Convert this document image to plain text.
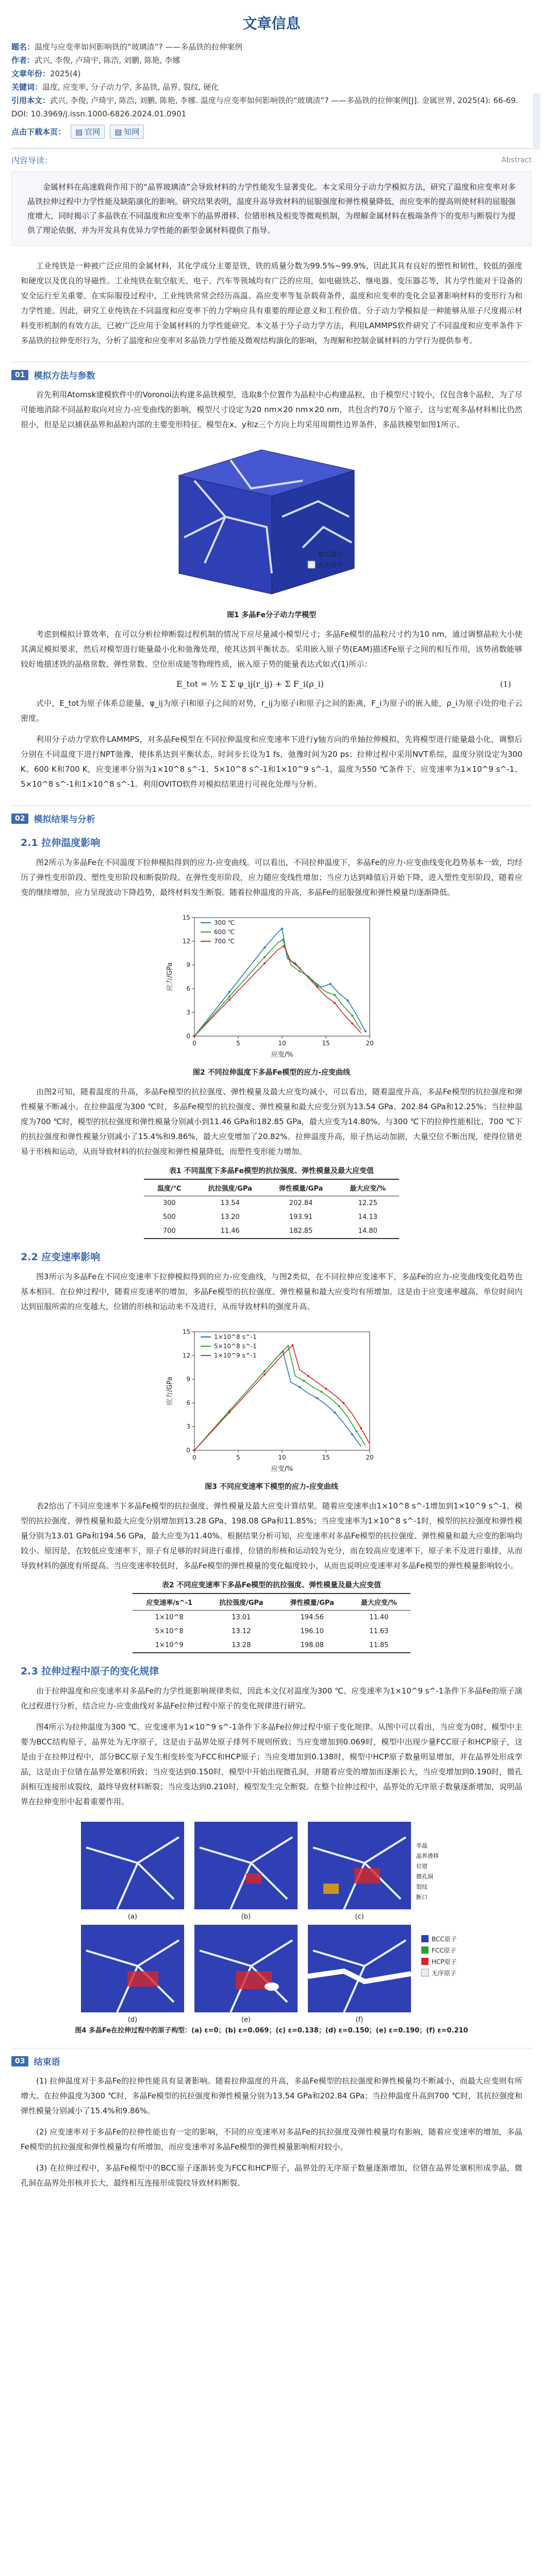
文章信息
题名：温度与应变率如何影响铁的“玻璃渣”? ——多晶铁的拉伸案例
作者：武兴, 李俊, 卢琦宇, 陈浩, 刘鹏, 陈艳, 李娜
文章年份：2025(4)
关键词：温度, 应变率, 分子动力学, 多晶铁, 晶界, 裂纹, 硬化
引用本文：武兴, 李俊, 卢琦宇, 陈浩, 刘鹏, 陈艳, 李娜. 温度与应变率如何影响铁的“玻璃渣”? ——多晶铁的拉伸案例[J]. 金属世界, 2025(4): 66-69. DOI: 10.3969/j.issn.1000-6826.2024.01.0901
点击下载本页： ▤ 官网 ▤ 知网
内容导读：	Abstract
金属材料在高速载荷作用下的“晶界玻璃渣”会导致材料的力学性能发生显著变化。本文采用分子动力学模拟方法，研究了温度和应变率对多晶铁拉伸过程中力学性能及缺陷演化的影响。研究结果表明，温度升高导致材料的屈服强度和弹性模量降低，而应变率的提高则使材料的屈服强度增大，同时揭示了多晶铁在不同温度和应变率下的晶界滑移、位错形核及相变等微观机制，为理解金属材料在极端条件下的变形与断裂行为提供了理论依据，并为开发具有优异力学性能的新型金属材料提供了指导。
工业纯铁是一种被广泛应用的金属材料，其化学成分主要是铁，铁的质量分数为99.5%~99.9%，因此其具有良好的塑性和韧性，较低的强度和硬度以及优良的导磁性。工业纯铁在航空航天、电子、汽车等领域均有广泛的应用，如电磁铁芯、继电器、变压器芯等，其力学性能对于设备的安全运行至关重要。在实际服役过程中，工业纯铁常常会经历高温、高应变率等复杂载荷条件，温度和应变率的变化会显著影响材料的变形行为和力学性能。因此，研究工业纯铁在不同温度和应变率下的力学响应具有重要的理论意义和工程价值。分子动力学模拟是一种能够从原子尺度揭示材料变形机制的有效方法，已被广泛应用于金属材料的力学性能研究。本文基于分子动力学方法，利用LAMMPS软件研究了不同温度和应变率条件下多晶铁的拉伸变形行为，分析了温度和应变率对多晶铁力学性能及微观结构演化的影响，为理解和控制金属材料的力学行为提供参考。
01	模拟方法与参数
首先利用Atomsk建模软件中的Voronoi法构建多晶铁模型，选取8个位置作为晶粒中心构建晶粒，由于模型尺寸较小，仅包含8个晶粒，为了尽可能地消除不同晶粒取向对应力-应变曲线的影响，模型尺寸设定为20 nm×20 nm×20 nm，共包含约70万个原子，这与宏观多晶材料相比仍然很小，但是足以捕获晶界和晶粒内部的主要变形特征。模型在x、y和z三个方向上均采用周期性边界条件，多晶铁模型如图1所示。
BCC原子
无序原子
图1 多晶Fe分子动力学模型
考虑到模拟计算效率，在可以分析拉伸断裂过程机制的情况下应尽量减小模型尺寸；多晶Fe模型的晶粒尺寸约为10 nm，通过调整晶粒大小使其满足模拟要求，然后对模型进行能量最小化和弛豫处理，使其达到平衡状态。采用嵌入原子势(EAM)描述Fe原子之间的相互作用，该势函数能够较好地描述铁的晶格常数、弹性常数、空位形成能等物理性质，嵌入原子势的能量表达式如式(1)所示：
E_tot = ½ Σ Σ φ_ij(r_ij) + Σ F_i(ρ_i)	(1)
式中，E_tot为原子体系总能量，φ_ij为原子i和原子j之间的对势，r_ij为原子i和原子j之间的距离，F_i为原子i的嵌入能，ρ_i为原子i处的电子云密度。
利用分子动力学软件LAMMPS，对多晶Fe模型在不同拉伸温度和应变速率下进行y轴方向的单轴拉伸模拟，先将模型进行能量最小化，调整后分别在不同温度下进行NPT弛豫，使体系达到平衡状态，时间步长设为1 fs，弛豫时间为20 ps；拉伸过程中采用NVT系综，温度分别设定为300 K、600 K和700 K，应变速率分别为1×10^8 s^-1、5×10^8 s^-1和1×10^9 s^-1，温度为550 ℃条件下，应变速率为1×10^9 s^-1、5×10^8 s^-1和1×10^8 s^-1。利用OVITO软件对模拟结果进行可视化处理与分析。
02	模拟结果与分析
2.1 拉伸温度影响
图2所示为多晶Fe在不同温度下拉伸模拟得到的应力-应变曲线。可以看出，不同拉伸温度下，多晶Fe的应力-应变曲线变化趋势基本一致，均经历了弹性变形阶段、塑性变形阶段和断裂阶段。在弹性变形阶段，应力随应变线性增加；当应力达到峰值后开始下降，进入塑性变形阶段，随着应变的继续增加，应力呈现波动下降趋势，最终材料发生断裂。随着拉伸温度的升高，多晶Fe的屈服强度和弹性模量均逐渐降低。
0	5	10	15	20
0
3
6
9
12
15
应变/%
应力/GPa
300 ℃
600 ℃
700 ℃
图2 不同拉伸温度下多晶Fe模型的应力-应变曲线
由图2可知，随着温度的升高，多晶Fe模型的抗拉强度、弹性模量及最大应变均减小，可以看出，随着温度升高，多晶Fe模型的抗拉强度和弹性模量不断减小。在拉伸温度为300 ℃时，多晶Fe模型的抗拉强度、弹性模量和最大应变分别为13.54 GPa、202.84 GPa和12.25%；当拉伸温度为700 ℃时，模型的抗拉强度和弹性模量分别减小到11.46 GPa和182.85 GPa，最大应变为14.80%。与300 ℃下的拉伸性能相比，700 ℃下的抗拉强度和弹性模量分别减小了15.4%和9.86%，最大应变增加了20.82%。拉伸温度升高，原子热运动加剧，大量空位不断出现，使得位错更易于形核和运动，从而导致材料的抗拉强度和弹性模量降低，而塑性变形能力增加。
表1 不同温度下多晶Fe模型的抗拉强度、弹性模量及最大应变值
温度/℃	抗拉强度/GPa	弹性模量/GPa	最大应变/%
300	13.54	202.84	12.25
500	13.20	193.91	14.13
700	11.46	182.85	14.80
2.2 应变速率影响
图3所示为多晶Fe在不同应变速率下拉伸模拟得到的应力-应变曲线，与图2类似，在不同拉伸应变速率下，多晶Fe的应力-应变曲线变化趋势也基本相同。在拉伸过程中，随着应变速率的增加，多晶Fe模型的抗拉强度、弹性模量和最大应变均有所增加。这是由于应变速率越高，单位时间内达到屈服所需的应变越大，位错的形核和运动来不及进行，从而导致材料的强度升高。
0	5	10	15	20
0
3
6
9
12
15
应变/%
应力/GPa
1×10^8 s^-1
5×10^8 s^-1
1×10^9 s^-1
图3 不同应变速率下模型的应力-应变曲线
表2给出了不同应变速率下多晶Fe模型的抗拉强度、弹性模量及最大应变计算结果。随着应变速率由1×10^8 s^-1增加到1×10^9 s^-1，模型的抗拉强度、弹性模量和最大应变分别增加到13.28 GPa、198.08 GPa和11.85%；当应变速率为1×10^8 s^-1时，模型的抗拉强度和弹性模量分别为13.01 GPa和194.56 GPa，最大应变为11.40%。根据结果分析可知，应变速率对多晶Fe模型的抗拉强度、弹性模量和最大应变的影响均较小。原因是，在较低应变速率下，原子有足够的时间进行重排，位错的形核和运动较为充分，而在较高应变速率下，原子来不及进行重排，从而导致材料的强度有所提高。当应变速率较低时，多晶Fe模型的弹性模量的变化幅度较小，从而也说明应变速率对多晶Fe模型的弹性模量影响较小。
表2 不同应变速率下多晶Fe模型的抗拉强度、弹性模量及最大应变值
应变速率/s^-1	抗拉强度/GPa	弹性模量/GPa	最大应变/%
1×10^8	13.01	194.56	11.40
5×10^8	13.12	196.10	11.63
1×10^9	13.28	198.08	11.85
2.3 拉伸过程中原子的变化规律
由于拉伸温度和应变速率对多晶Fe的力学性能影响规律类似，因此本文仅对温度为300 ℃、应变速率为1×10^9 s^-1条件下多晶Fe的原子演化过程进行分析，结合应力-应变曲线对多晶Fe拉伸过程中原子的变化规律进行研究。
图4所示为拉伸温度为300 ℃、应变速率为1×10^9 s^-1条件下多晶Fe拉伸过程中原子变化规律。从图中可以看出，当应变为0时，模型中主要为BCC结构原子，晶界处为无序原子，这是由于晶界处原子排列不规则所致；当应变增加到0.069时，模型中出现少量FCC原子和HCP原子，这是由于在拉伸过程中，部分BCC原子发生相变转变为FCC和HCP原子；当应变增加到0.138时，模型中HCP原子数量明显增加，并在晶界处形成孪晶，这是由于位错在晶界处塞积所致；当应变达到0.150时，模型中开始出现微孔洞，并随着应变的增加而逐渐长大，当应变增加到0.190时，微孔洞相互连接形成裂纹，最终导致材料断裂；当应变达到0.210时，模型发生完全断裂。在整个拉伸过程中，晶界处的无序原子数量逐渐增加，说明晶界在拉伸变形中起着重要作用。
(a)	(b)	(c)
(d)	(e)	(f)
BCC原子
FCC原子
HCP原子
无序原子
孪晶
晶界滑移
位错
微孔洞
裂纹
断口
图4 多晶Fe在拉伸过程中的原子构型：(a) ε=0；(b) ε=0.069；(c) ε=0.138；(d) ε=0.150；(e) ε=0.190；(f) ε=0.210
03	结束语
(1) 拉伸温度对于多晶Fe的拉伸性能具有显著影响。随着拉伸温度的升高，多晶Fe模型的抗拉强度和弹性模量均不断减小，而最大应变则有所增大。在拉伸温度为300 ℃时，多晶Fe模型的抗拉强度和弹性模量分别为13.54 GPa和202.84 GPa；当拉伸温度升高到700 ℃时，其抗拉强度和弹性模量分别减小了15.4%和9.86%。
(2) 应变速率对于多晶Fe的拉伸性能也有一定的影响，不同的应变速率对多晶Fe的抗拉强度及弹性模量均有影响，随着应变速率的增加，多晶Fe模型的抗拉强度和弹性模量均有所增加，而应变速率对多晶Fe模型的弹性模量影响相对较小。
(3) 在拉伸过程中，多晶Fe模型中的BCC原子逐渐转变为FCC和HCP原子，晶界处的无序原子数量逐渐增加，位错在晶界处塞积形成孪晶，微孔洞在晶界处形核并长大，最终相互连接形成裂纹导致材料断裂。
